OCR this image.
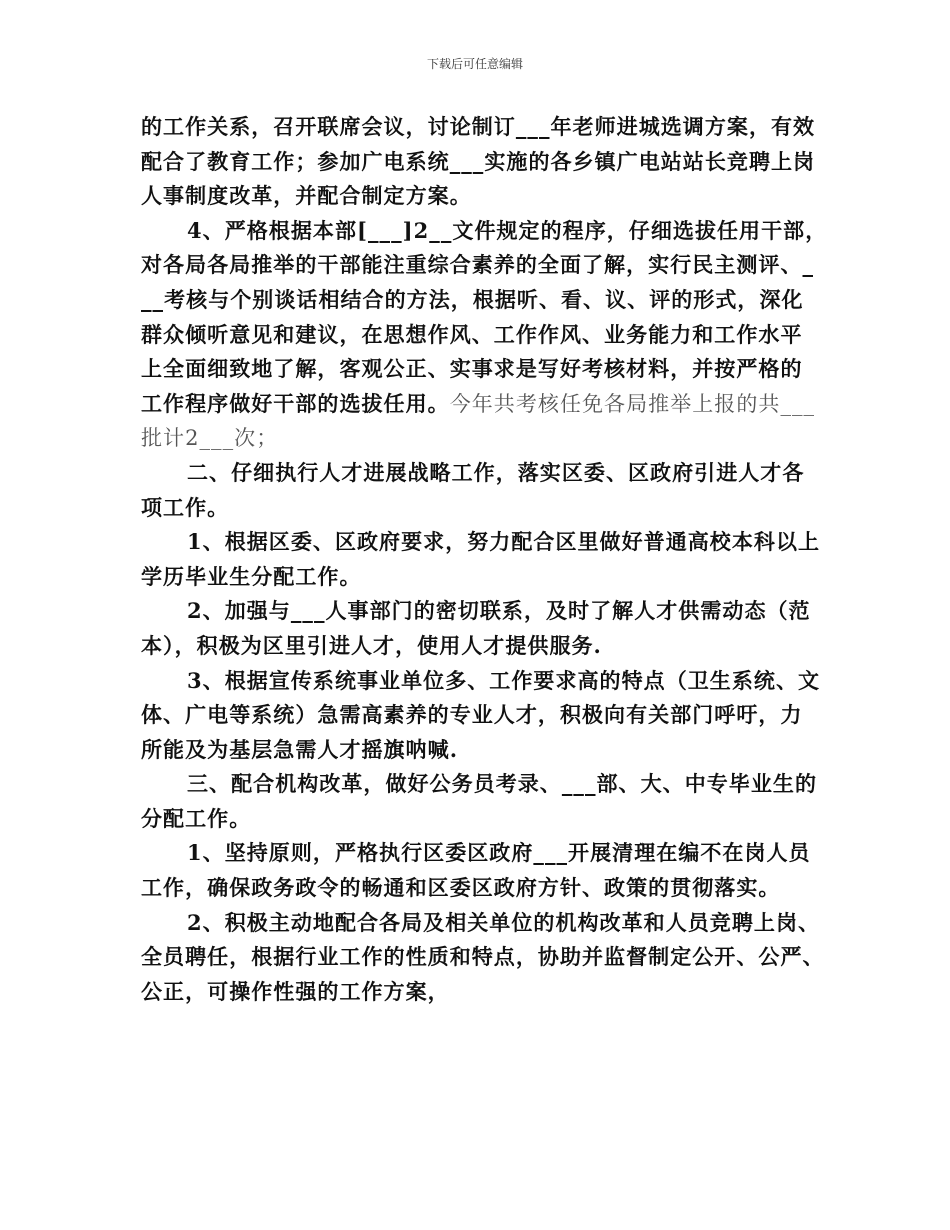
下载后可任意编辑
的工作关系，召开联席会议，讨论制订___年老师进城选调方案，有效
配合了教育工作；参加广电系统___实施的各乡镇广电站站长竞聘上岗
人事制度改革，并配合制定方案。
4、严格根据本部[___]2__文件规定的程序，仔细选拔任用干部，
对各局各局推举的干部能注重综合素养的全面了解，实行民主测评、_
__考核与个别谈话相结合的方法，根据听、看、议、评的形式，深化
群众倾听意见和建议，在思想作风、工作作风、业务能力和工作水平
上全面细致地了解，客观公正、实事求是写好考核材料，并按严格的
工作程序做好干部的选拔任用。今年共考核任免各局推举上报的共___
批计2___次；
二、仔细执行人才进展战略工作，落实区委、区政府引进人才各
项工作。
1、根据区委、区政府要求，努力配合区里做好普通高校本科以上
学历毕业生分配工作。
2、加强与___人事部门的密切联系，及时了解人才供需动态（范
本），积极为区里引进人才，使用人才提供服务.
3、根据宣传系统事业单位多、工作要求高的特点（卫生系统、文
体、广电等系统）急需高素养的专业人才，积极向有关部门呼吁，力
所能及为基层急需人才摇旗呐喊.
三、配合机构改革，做好公务员考录、___部、大、中专毕业生的
分配工作。
1、坚持原则，严格执行区委区政府___开展清理在编不在岗人员
工作，确保政务政令的畅通和区委区政府方针、政策的贯彻落实。
2、积极主动地配合各局及相关单位的机构改革和人员竞聘上岗、
全员聘任，根据行业工作的性质和特点，协助并监督制定公开、公严、
公正，可操作性强的工作方案，
